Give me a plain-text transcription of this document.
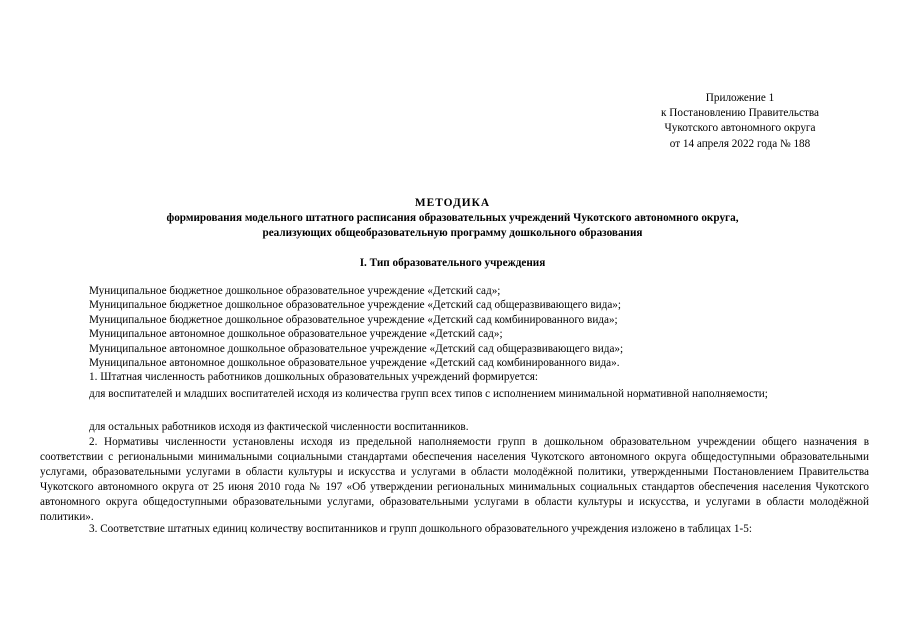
Приложение 1
к Постановлению Правительства
Чукотского автономного округа
от 14 апреля 2022 года № 188
МЕТОДИКА
формирования модельного штатного расписания образовательных учреждений Чукотского автономного округа,
реализующих общеобразовательную программу дошкольного образования
I. Тип образовательного учреждения
Муниципальное бюджетное дошкольное образовательное учреждение «Детский сад»;
Муниципальное бюджетное дошкольное образовательное учреждение «Детский сад общеразвивающего вида»;
Муниципальное бюджетное дошкольное образовательное учреждение «Детский сад комбинированного вида»;
Муниципальное автономное дошкольное образовательное учреждение «Детский сад»;
Муниципальное автономное дошкольное образовательное учреждение «Детский сад общеразвивающего вида»;
Муниципальное автономное дошкольное образовательное учреждение «Детский сад комбинированного вида».
1. Штатная численность работников дошкольных образовательных учреждений формируется:
для воспитателей и младших воспитателей исходя из количества групп всех типов с исполнением минимальной нормативной наполняемости;
для остальных работников исходя из фактической численности воспитанников.
2. Нормативы численности установлены исходя из предельной наполняемости групп в дошкольном образовательном учреждении общего назначения в соответствии с региональными минимальными социальными стандартами обеспечения населения Чукотского автономного округа общедоступными образовательными услугами, образовательными услугами в области культуры и искусства и услугами в области молодёжной политики, утвержденными Постановлением Правительства Чукотского автономного округа от 25 июня 2010 года № 197 «Об утверждении региональных минимальных социальных стандартов обеспечения населения Чукотского автономного округа общедоступными образовательными услугами, образовательными услугами в области культуры и искусства, и услугами в области молодёжной политики».
3. Соответствие штатных единиц количеству воспитанников и групп дошкольного образовательного учреждения изложено в таблицах 1-5:
